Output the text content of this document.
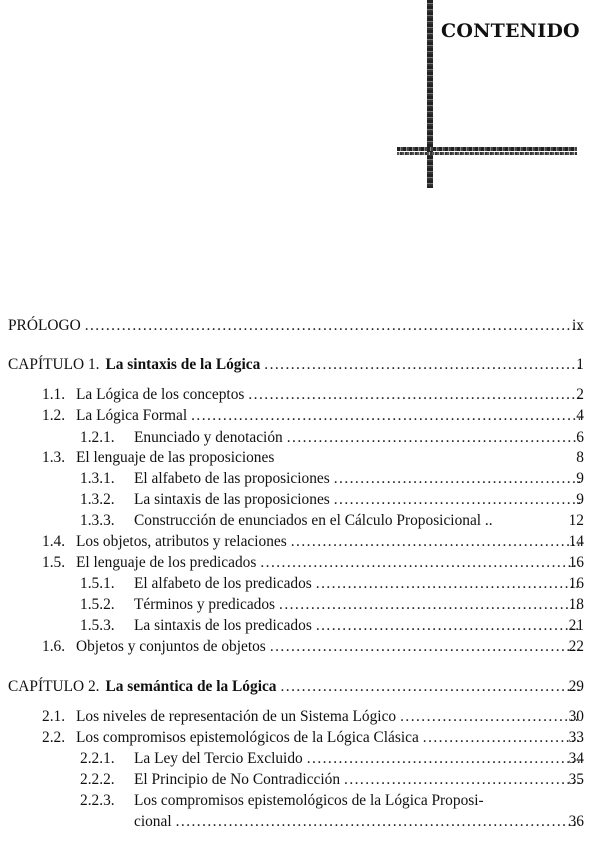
CONTENIDO
PRÓLOGO . . .	ix
CAPÍTULO 1. La sintaxis de la Lógica . . .	1
1.1. La Lógica de los conceptos . . .	2
1.2. La Lógica Formal . . .	4
1.2.1.	Enunciado y denotación . . .	6
1.3. El lenguaje de las proposiciones	8
1.3.1.	El alfabeto de las proposiciones . . .	9
1.3.2.	La sintaxis de las proposiciones . . .	9
1.3.3.	Construcción de enunciados en el Cálculo Proposicional ..	12
1.4. Los objetos, atributos y relaciones . . .	14
1.5. El lenguaje de los predicados . . .	16
1.5.1.	El alfabeto de los predicados . . .	16
1.5.2.	Términos y predicados . . .	18
1.5.3.	La sintaxis de los predicados . . .	21
1.6. Objetos y conjuntos de objetos . . .	22
CAPÍTULO 2. La semántica de la Lógica . . .	29
2.1. Los niveles de representación de un Sistema Lógico . . .	30
2.2. Los compromisos epistemológicos de la Lógica Clásica . . .	33
2.2.1.	La Ley del Tercio Excluido . . .	34
2.2.2.	El Principio de No Contradicción . . .	35
2.2.3.	Los compromisos epistemológicos de la Lógica Proposi-
cional . . .	36
